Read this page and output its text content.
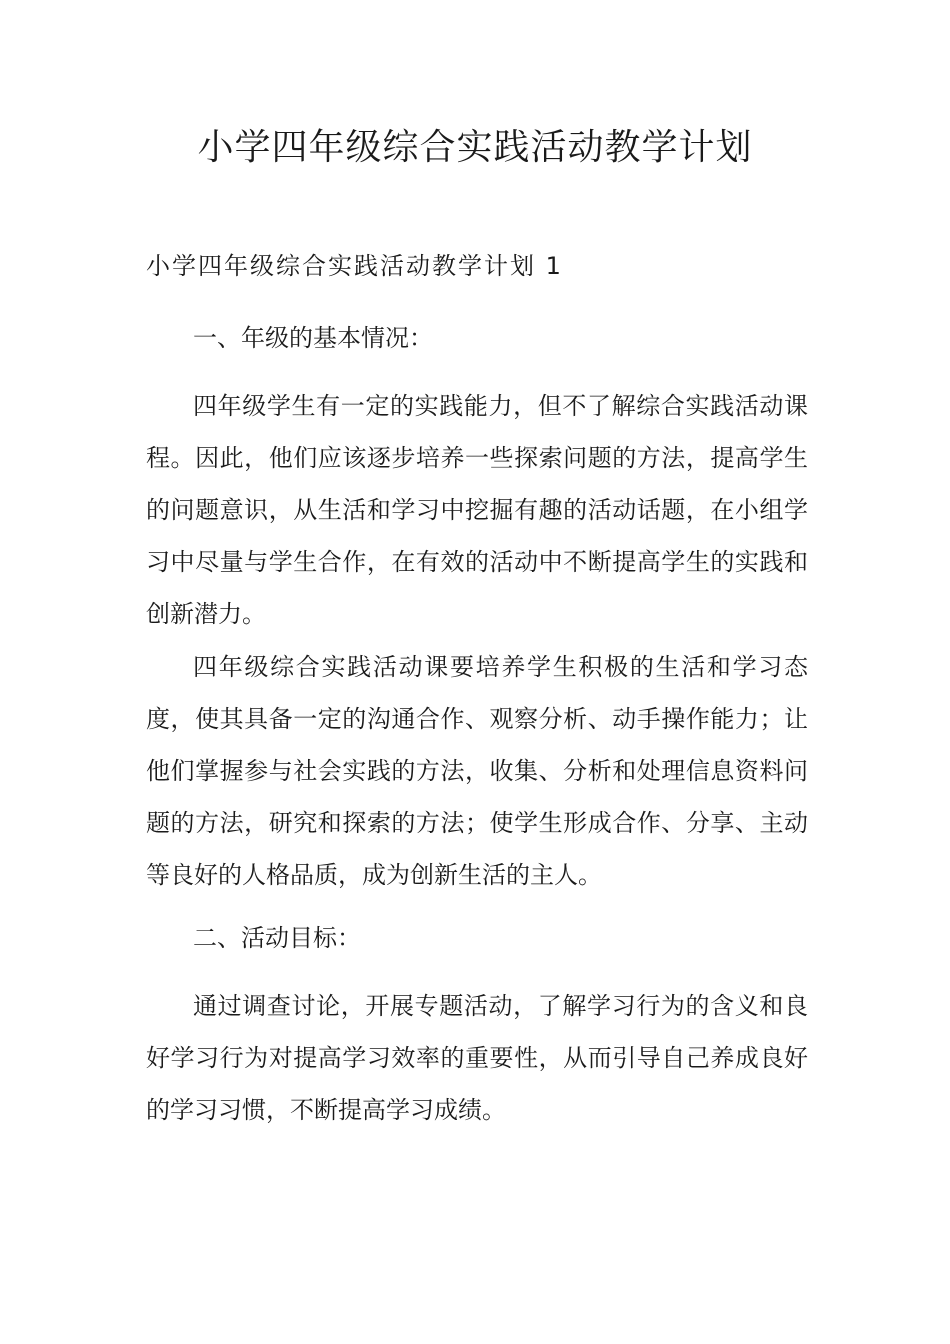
小学四年级综合实践活动教学计划
小学四年级综合实践活动教学计划 1
一、年级的基本情况：

四年级学生有一定的实践能力，但不了解综合实践活动课程。因此，他们应该逐步培养一些探索问题的方法，提高学生的问题意识，从生活和学习中挖掘有趣的活动话题，在小组学习中尽量与学生合作，在有效的活动中不断提高学生的实践和创新潜力。

四年级综合实践活动课要培养学生积极的生活和学习态度，使其具备一定的沟通合作、观察分析、动手操作能力；让他们掌握参与社会实践的方法，收集、分析和处理信息资料问题的方法，研究和探索的方法；使学生形成合作、分享、主动等良好的人格品质，成为创新生活的主人。

二、活动目标：

通过调查讨论，开展专题活动，了解学习行为的含义和良好学习行为对提高学习效率的重要性，从而引导自己养成良好的学习习惯，不断提高学习成绩。
